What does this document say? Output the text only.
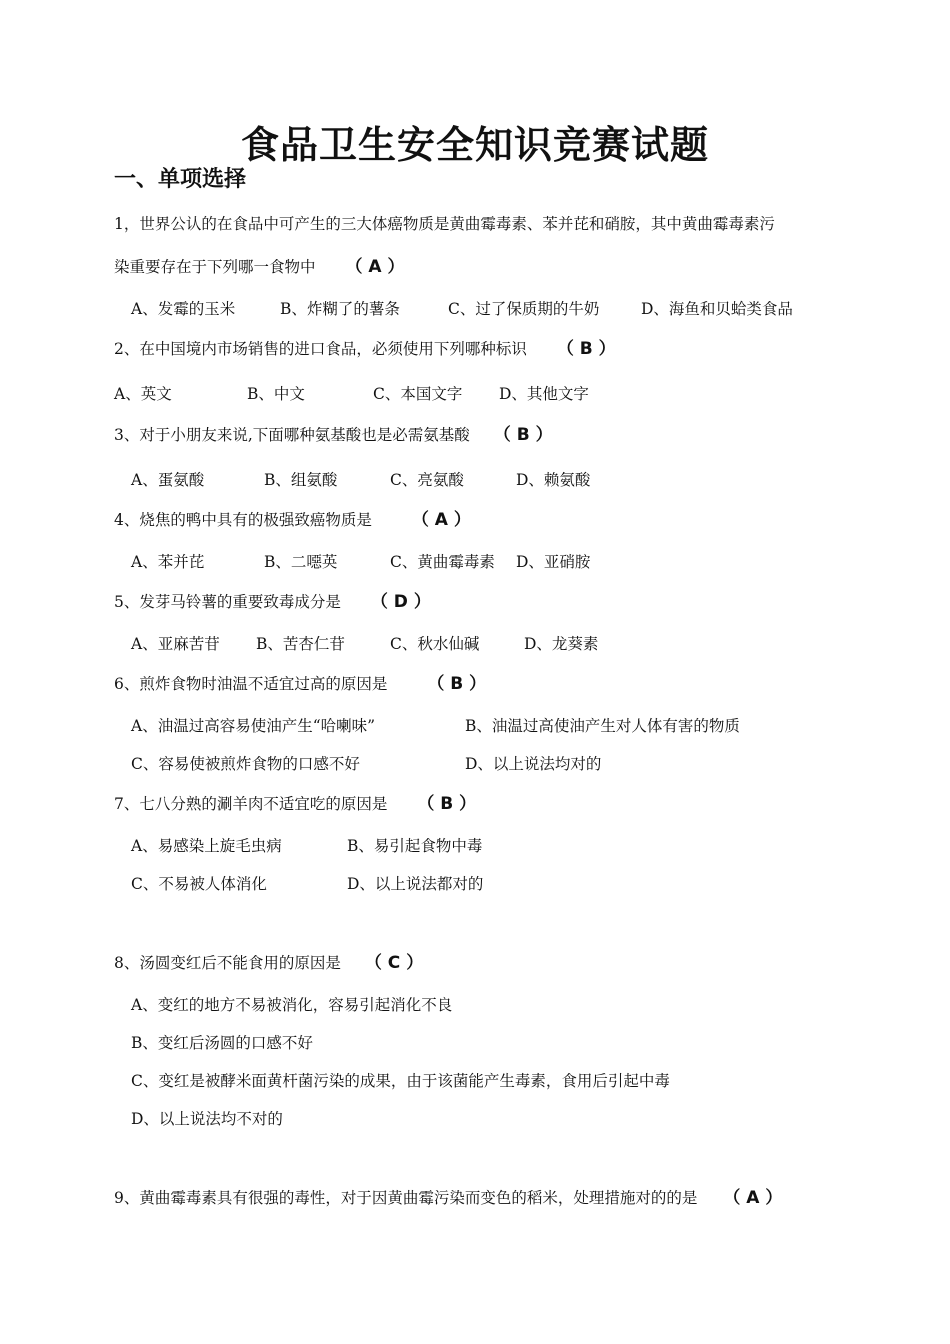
食品卫生安全知识竞赛试题
一、单项选择
1，世界公认的在食品中可产生的三大体癌物质是黄曲霉毒素、苯并芘和硝胺，其中黄曲霉毒素污
染重要存在于下列哪一食物中 （ A ）
A、发霉的玉米	B、炸糊了的薯条	C、过了保质期的牛奶	D、海鱼和贝蛤类食品
2、在中国境内市场销售的进口食品，必须使用下列哪种标识 （ B ）
A、英文	B、中文	C、本国文字 D、其他文字
3、对于小朋友来说,下面哪种氨基酸也是必需氨基酸 （ B ）
A、蛋氨酸	B、组氨酸	C、亮氨酸	D、赖氨酸
4、烧焦的鸭中具有的极强致癌物质是 （ A ）
A、苯并芘	B、二噁英	C、黄曲霉毒素 D、亚硝胺
5、发芽马铃薯的重要致毒成分是 （ D ）
A、亚麻苦苷 B、苦杏仁苷	C、秋水仙碱	D、龙葵素
6、煎炸食物时油温不适宜过高的原因是 （ B ）
A、油温过高容易使油产生“哈喇味”	B、油温过高使油产生对人体有害的物质
C、容易使被煎炸食物的口感不好	D、以上说法均对的
7、七八分熟的涮羊肉不适宜吃的原因是 （ B ）
A、易感染上旋毛虫病	B、易引起食物中毒
C、不易被人体消化	D、以上说法都对的
8、汤圆变红后不能食用的原因是 （ C ）
A、变红的地方不易被消化，容易引起消化不良
B、变红后汤圆的口感不好
C、变红是被酵米面黄杆菌污染的成果，由于该菌能产生毒素，食用后引起中毒
D、以上说法均不对的
9、黄曲霉毒素具有很强的毒性，对于因黄曲霉污染而变色的稻米，处理措施对的的是 （ A ）
